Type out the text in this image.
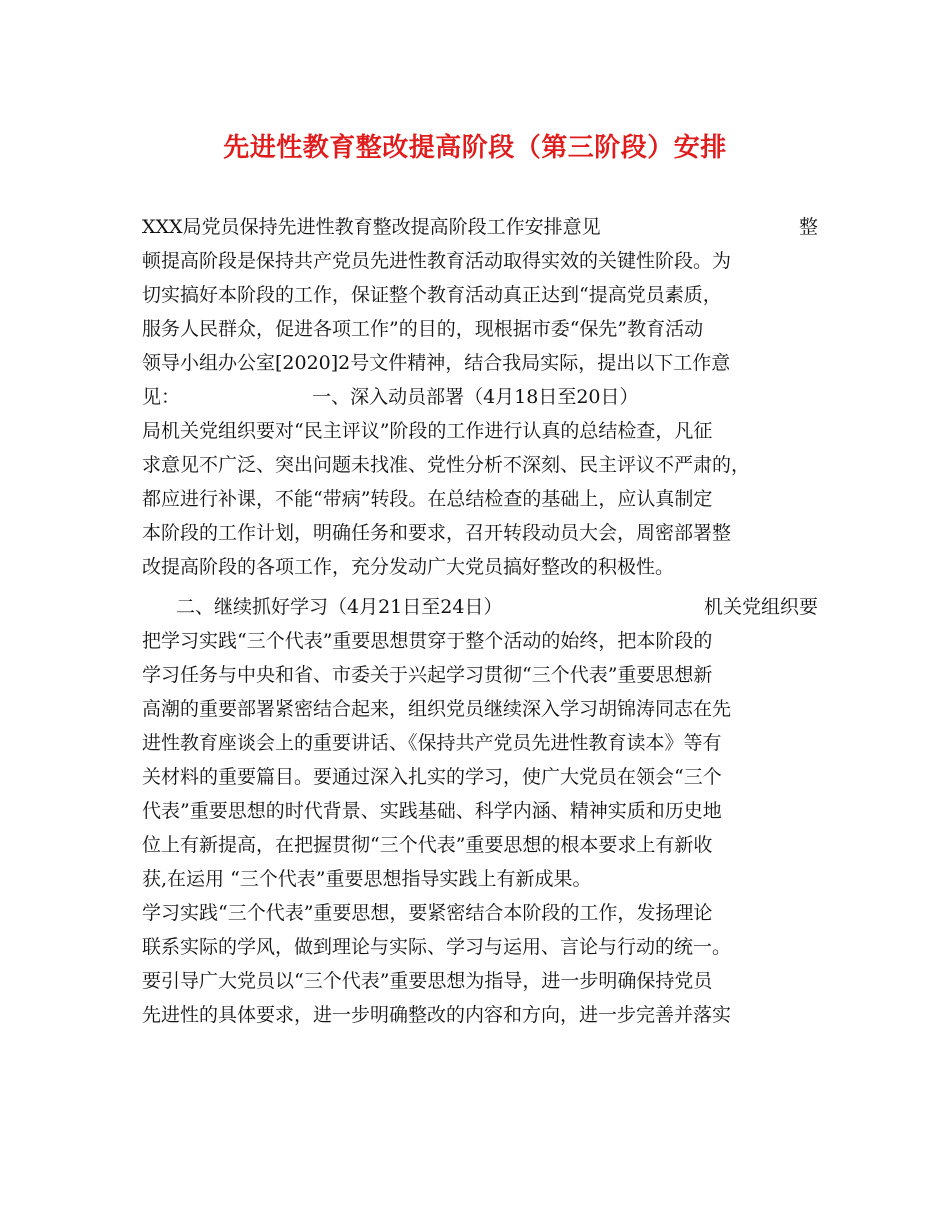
先进性教育整改提高阶段（第三阶段）安排
XXX局党员保持先进性教育整改提高阶段工作安排意见	整
顿提高阶段是保持共产党员先进性教育活动取得实效的关键性阶段。为
切实搞好本阶段的工作，保证整个教育活动真正达到“提高党员素质，
服务人民群众，促进各项工作”的目的，现根据市委“保先”教育活动
领导小组办公室[2020]2号文件精神，结合我局实际，提出以下工作意
见：	一、深入动员部署（4月18日至20日）
局机关党组织要对“民主评议”阶段的工作进行认真的总结检查，凡征
求意见不广泛、突出问题未找准、党性分析不深刻、民主评议不严肃的，
都应进行补课，不能“带病”转段。在总结检查的基础上，应认真制定
本阶段的工作计划，明确任务和要求，召开转段动员大会，周密部署整
改提高阶段的各项工作，充分发动广大党员搞好整改的积极性。
二、继续抓好学习（4月21日至24日）	机关党组织要
把学习实践“三个代表”重要思想贯穿于整个活动的始终，把本阶段的
学习任务与中央和省、市委关于兴起学习贯彻“三个代表”重要思想新
高潮的重要部署紧密结合起来，组织党员继续深入学习胡锦涛同志在先
进性教育座谈会上的重要讲话、《保持共产党员先进性教育读本》等有
关材料的重要篇目。要通过深入扎实的学习，使广大党员在领会“三个
代表”重要思想的时代背景、实践基础、科学内涵、精神实质和历史地
位上有新提高，在把握贯彻“三个代表”重要思想的根本要求上有新收
获,在运用 “三个代表”重要思想指导实践上有新成果。
学习实践“三个代表”重要思想，要紧密结合本阶段的工作，发扬理论
联系实际的学风，做到理论与实际、学习与运用、言论与行动的统一。
要引导广大党员以“三个代表”重要思想为指导，进一步明确保持党员
先进性的具体要求，进一步明确整改的内容和方向，进一步完善并落实
